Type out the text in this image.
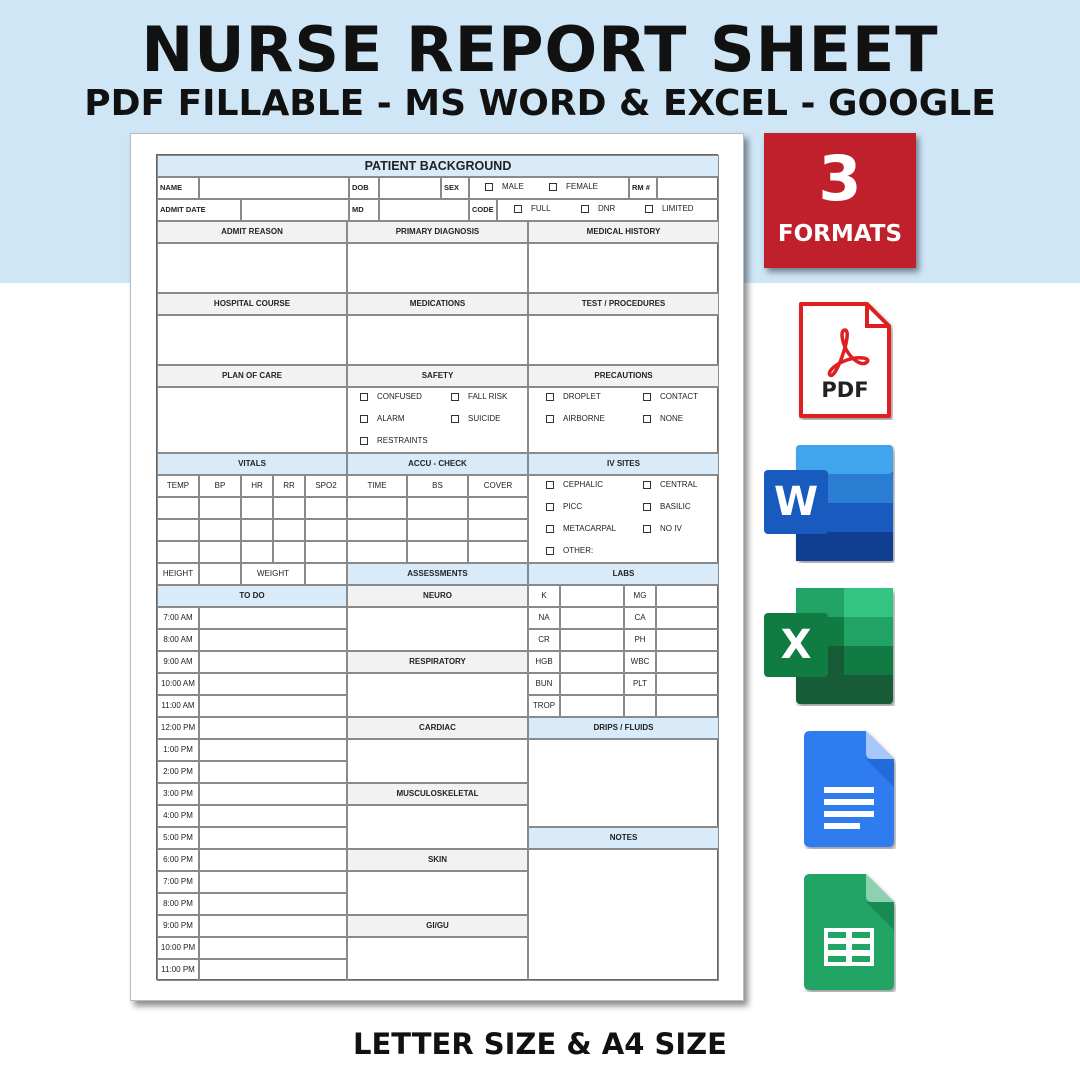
NURSE REPORT SHEET
PDF FILLABLE - MS WORD & EXCEL - GOOGLE
PATIENT BACKGROUND
NAME	DOB	SEX	MALE	FEMALE	RM #
ADMIT DATE	MD	CODE	FULL	DNR	LIMITED
ADMIT REASON	PRIMARY DIAGNOSIS	MEDICAL HISTORY
HOSPITAL COURSE	MEDICATIONS	TEST / PROCEDURES
PLAN OF CARE	SAFETY	PRECAUTIONS
CONFUSED	FALL RISK
ALARM	SUICIDE
RESTRAINTS
DROPLET	CONTACT
AIRBORNE	NONE
VITALS	ACCU - CHECK	IV SITES
TEMP	BP	HR	RR	SPO2	TIME	BS	COVER	CEPHALIC	CENTRAL
PICC	BASILIC
METACARPAL	NO IV
OTHER:
HEIGHT	WEIGHT	ASSESSMENTS	LABS
TO DO
7:00 AM
8:00 AM
9:00 AM
10:00 AM
11:00 AM
12:00 PM
1:00 PM
2:00 PM
3:00 PM
4:00 PM
5:00 PM
6:00 PM
7:00 PM
8:00 PM
9:00 PM
10:00 PM
11:00 PM
NEURO
RESPIRATORY
CARDIAC
MUSCULOSKELETAL
SKIN
GI/GU
K	MG
NA	CA
CR	PH
HGB	WBC
BUN	PLT
TROP
DRIPS / FLUIDS
NOTES
3
FORMATS
PDF
W
X
LETTER SIZE & A4 SIZE
